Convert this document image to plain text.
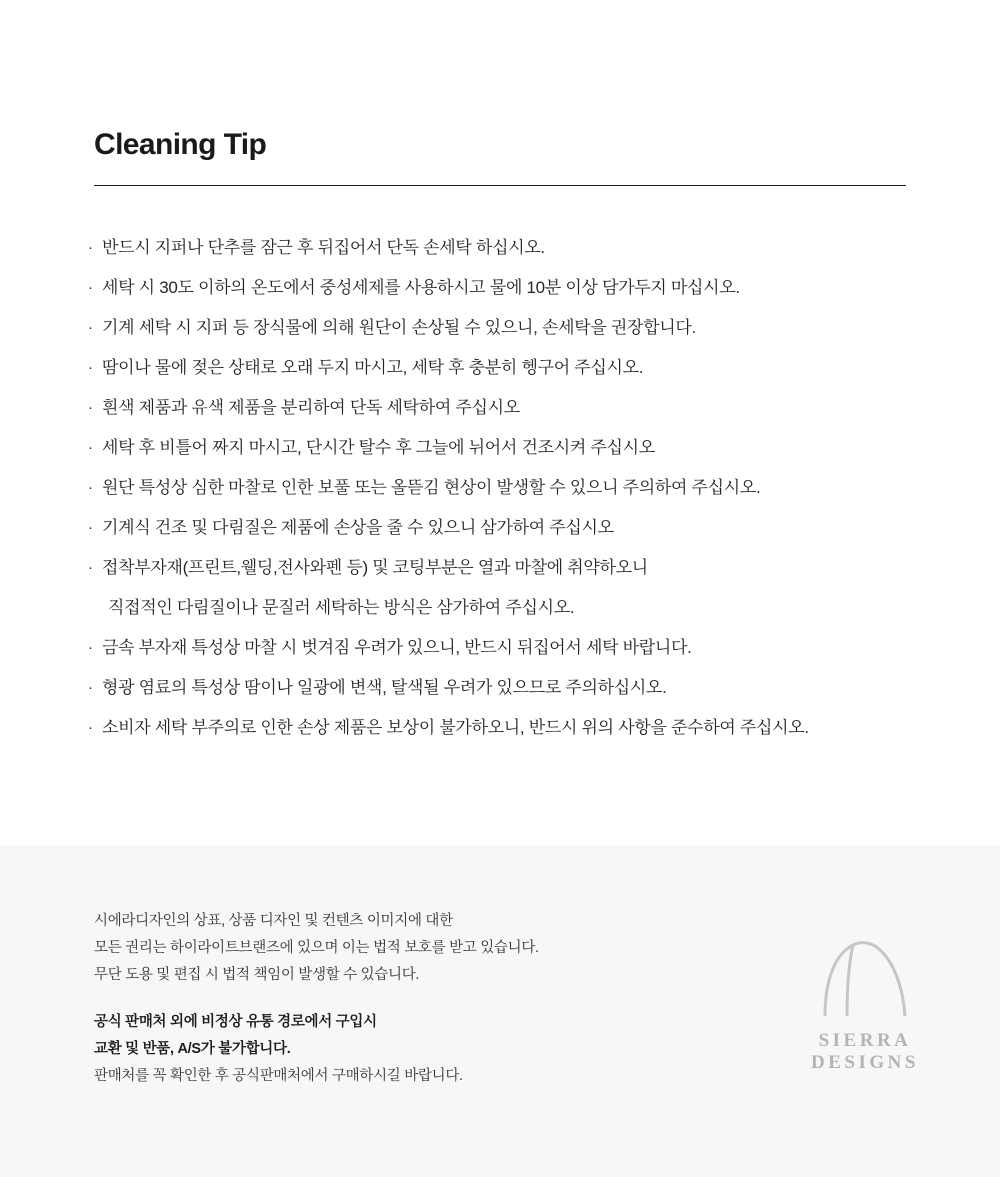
Cleaning Tip
· 반드시 지퍼나 단추를 잠근 후 뒤집어서 단독 손세탁 하십시오.
· 세탁 시 30도 이하의 온도에서 중성세제를 사용하시고 물에 10분 이상 담가두지 마십시오.
· 기계 세탁 시 지퍼 등 장식물에 의해 원단이 손상될 수 있으니, 손세탁을 권장합니다.
· 땀이나 물에 젖은 상태로 오래 두지 마시고, 세탁 후 충분히 헹구어 주십시오.
· 흰색 제품과 유색 제품을 분리하여 단독 세탁하여 주십시오
· 세탁 후 비틀어 짜지 마시고, 단시간 탈수 후 그늘에 뉘어서 건조시켜 주십시오
· 원단 특성상 심한 마찰로 인한 보풀 또는 올뜯김 현상이 발생할 수 있으니 주의하여 주십시오.
· 기계식 건조 및 다림질은 제품에 손상을 줄 수 있으니 삼가하여 주십시오
· 접착부자재(프린트,웰딩,전사와펜 등) 및 코팅부분은 열과 마찰에 취약하오니
직접적인 다림질이나 문질러 세탁하는 방식은 삼가하여 주십시오.
· 금속 부자재 특성상 마찰 시 벗겨짐 우려가 있으니, 반드시 뒤집어서 세탁 바랍니다.
· 형광 염료의 특성상 땀이나 일광에 변색, 탈색될 우려가 있으므로 주의하십시오.
· 소비자 세탁 부주의로 인한 손상 제품은 보상이 불가하오니, 반드시 위의 사항을 준수하여 주십시오.
시에라디자인의 상표, 상품 디자인 및 컨텐츠 이미지에 대한
모든 권리는 하이라이트브랜즈에 있으며 이는 법적 보호를 받고 있습니다.
무단 도용 및 편집 시 법적 책임이 발생할 수 있습니다.
공식 판매처 외에 비정상 유통 경로에서 구입시
교환 및 반품, A/S가 불가합니다.
판매처를 꼭 확인한 후 공식판매처에서 구매하시길 바랍니다.
SIERRA
DESIGNS
